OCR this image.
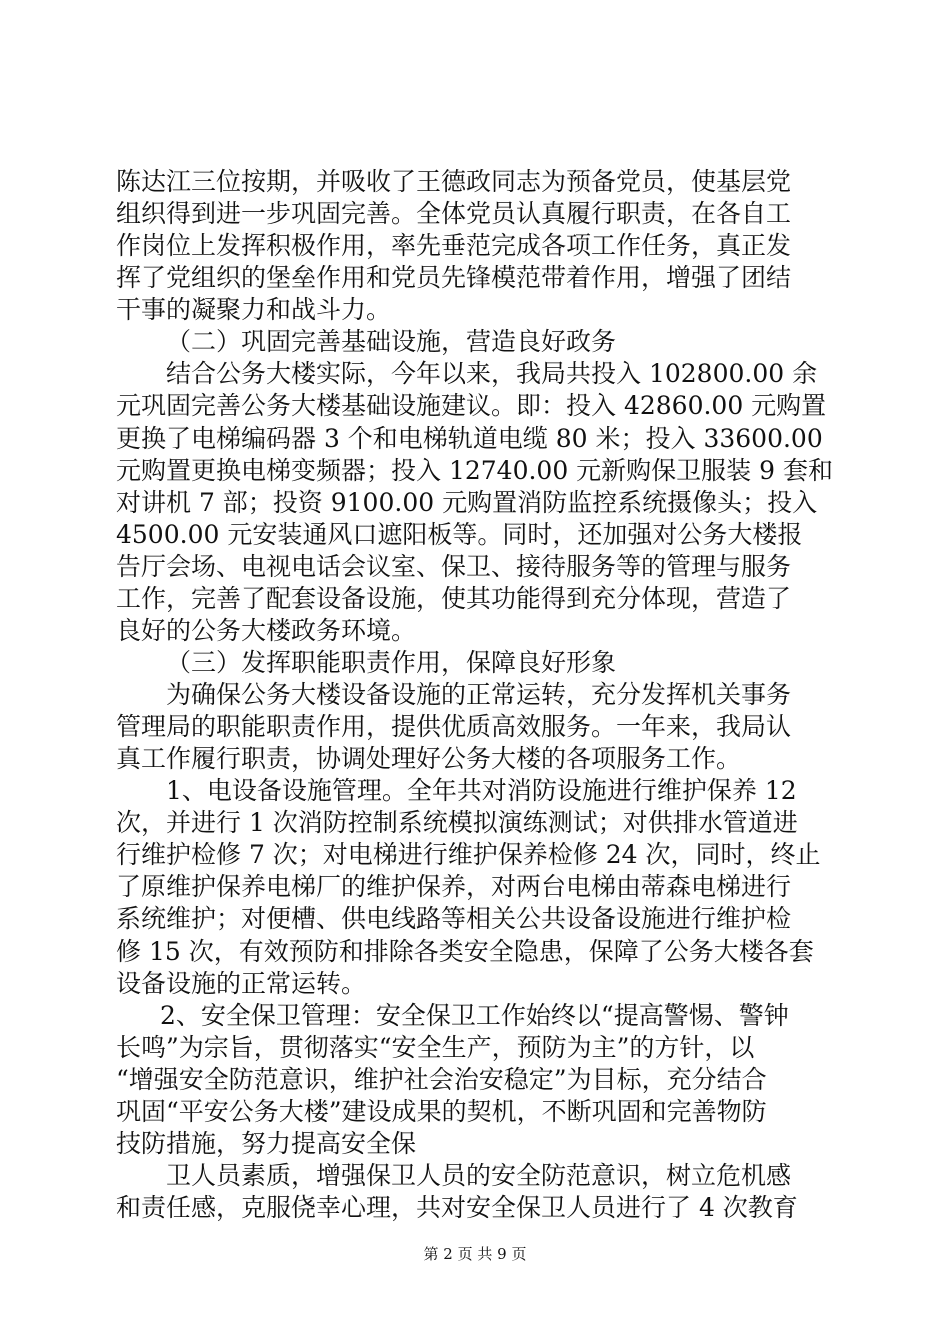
陈达江三位按期，并吸收了王德政同志为预备党员，使基层党

组织得到进一步巩固完善。全体党员认真履行职责，在各自工

作岗位上发挥积极作用，率先垂范完成各项工作任务，真正发

挥了党组织的堡垒作用和党员先锋模范带着作用，增强了团结

干事的凝聚力和战斗力。

（二）巩固完善基础设施，营造良好政务

结合公务大楼实际，今年以来，我局共投入 102800.00 余

元巩固完善公务大楼基础设施建议。即：投入 42860.00 元购置

更换了电梯编码器 3 个和电梯轨道电缆 80 米；投入 33600.00

元购置更换电梯变频器；投入 12740.00 元新购保卫服装 9 套和

对讲机 7 部；投资 9100.00 元购置消防监控系统摄像头；投入

4500.00 元安装通风口遮阳板等。同时，还加强对公务大楼报

告厅会场、电视电话会议室、保卫、接待服务等的管理与服务

工作，完善了配套设备设施，使其功能得到充分体现，营造了

良好的公务大楼政务环境。

（三）发挥职能职责作用，保障良好形象

为确保公务大楼设备设施的正常运转，充分发挥机关事务

管理局的职能职责作用，提供优质高效服务。一年来，我局认

真工作履行职责，协调处理好公务大楼的各项服务工作。

1、电设备设施管理。全年共对消防设施进行维护保养 12

次，并进行 1 次消防控制系统模拟演练测试；对供排水管道进

行维护检修 7 次；对电梯进行维护保养检修 24 次，同时，终止

了原维护保养电梯厂的维护保养，对两台电梯由蒂森电梯进行

系统维护；对便槽、供电线路等相关公共设备设施进行维护检

修 15 次，有效预防和排除各类安全隐患，保障了公务大楼各套

设备设施的正常运转。

2、安全保卫管理：安全保卫工作始终以“提高警惕、警钟

长鸣”为宗旨，贯彻落实“安全生产，预防为主”的方针，以

“增强安全防范意识，维护社会治安稳定”为目标，充分结合

巩固“平安公务大楼”建设成果的契机，不断巩固和完善物防

技防措施，努力提高安全保

卫人员素质，增强保卫人员的安全防范意识，树立危机感

和责任感，克服侥幸心理，共对安全保卫人员进行了 4 次教育

第 2 页 共 9 页
